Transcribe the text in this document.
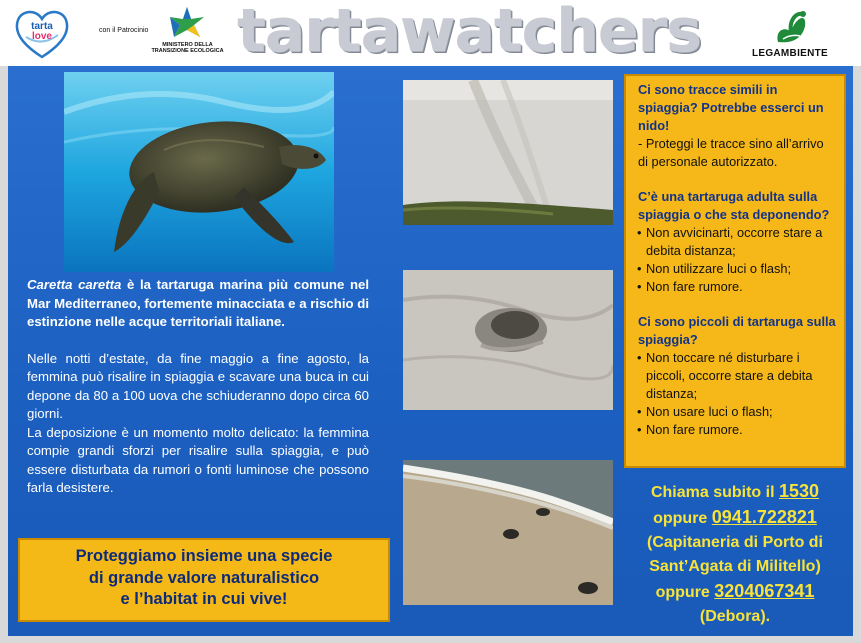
tarta
love
con il Patrocinio
MINISTERO DELLA
TRANSIZIONE ECOLOGICA tartawatchers	LEGAMBIENTE

Caretta caretta è la tartaruga marina più comune nel Mar Mediterraneo, fortemente minacciata e a rischio di estinzione nelle acque territoriali italiane.

Nelle notti d’estate, da fine maggio a fine agosto, la femmina può risalire in spiaggia e scavare una buca in cui depone da 80 a 100 uova che schiuderanno dopo circa 60 giorni.

La deposizione è un momento molto delicato: la femmina compie grandi sforzi per risalire sulla spiaggia, e può essere disturbata da rumori o fonti luminose che possono farla desistere.

Proteggiamo insieme una specie
di grande valore naturalistico
e l’habitat in cui vive!
Ci sono tracce simili in spiaggia? Potrebbe esserci un nido!
- Proteggi le tracce sino all’arrivo di personale autorizzato.
C’è una tartaruga adulta sulla spiaggia o che sta deponendo?
• Non avvicinarti, occorre stare a debita distanza;
• Non utilizzare luci o flash;
• Non fare rumore.
Ci sono piccoli di tartaruga sulla spiaggia?
• Non toccare né disturbare i piccoli, occorre stare a debita distanza;
• Non usare luci o flash;
• Non fare rumore.
Chiama subito il 1530
oppure 0941.722821
(Capitaneria di Porto di Sant’Agata di Militello)
oppure 3204067341
(Debora).
